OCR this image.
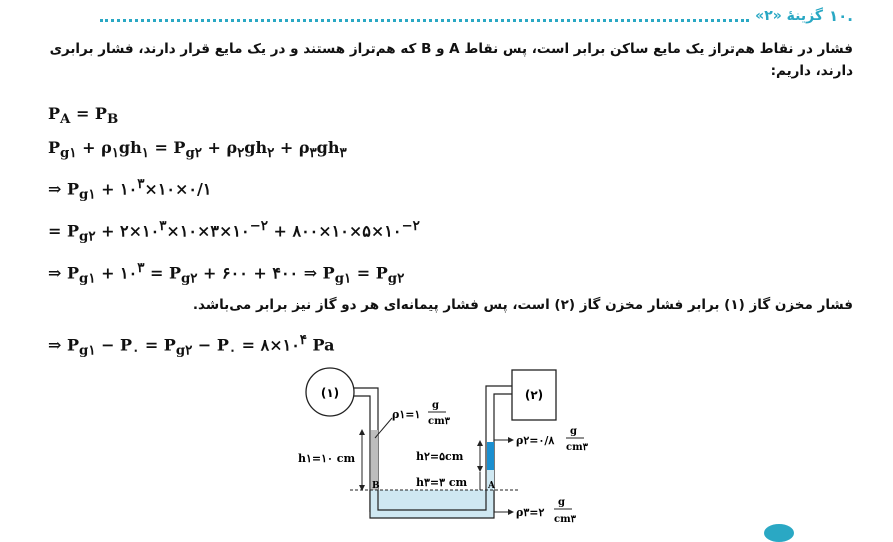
.۱۰
گزینهٔ «۲»
فشار در نقاط هم‌تراز یک مایع ساکن برابر است، پس نقاط A و B که هم‌تراز هستند و در یک مایع قرار دارند، فشار برابری دارند، داریم:
$P_A = P_B$
$P_{g۱} + \rho_۱gh_۱ = P_{g۲} + \rho_۲gh_۲ + \rho_۳gh_۳$
⇒ $P_{g۱}$ + $۱۰^۳\times ۱۰\times ۰/۱$
= $P_{g۲}$ + $۲\times ۱۰^۳\times ۱۰\times ۳\times ۱۰^{-۲}$ + $۸۰۰\times ۱۰\times ۵\times ۱۰^{-۲}$
⇒ $P_{g۱}$ + $۱۰^۳ = P_{g۲}$ + ۶۰۰ + ۴۰۰ ⇒ $P_{g۱} = P_{g۲}$
فشار مخزن گاز (۱) برابر فشار مخزن گاز (۲) است، پس فشار پیمانه‌ای هر دو گاز نیز برابر می‌باشد.
⇒ $P_{g۱} - P_۰ = P_{g۲} - P_۰$ = $۸\times ۱۰^۴$ Pa
(۱)	(۲)
h۱=۱۰ cm	h۲=۵cm
h۳=۳ cm
B	A
ρ۱=۱
g
cm۳
ρ۲=۰/۸
g
cm۳
ρ۳=۲
g
cm۳
